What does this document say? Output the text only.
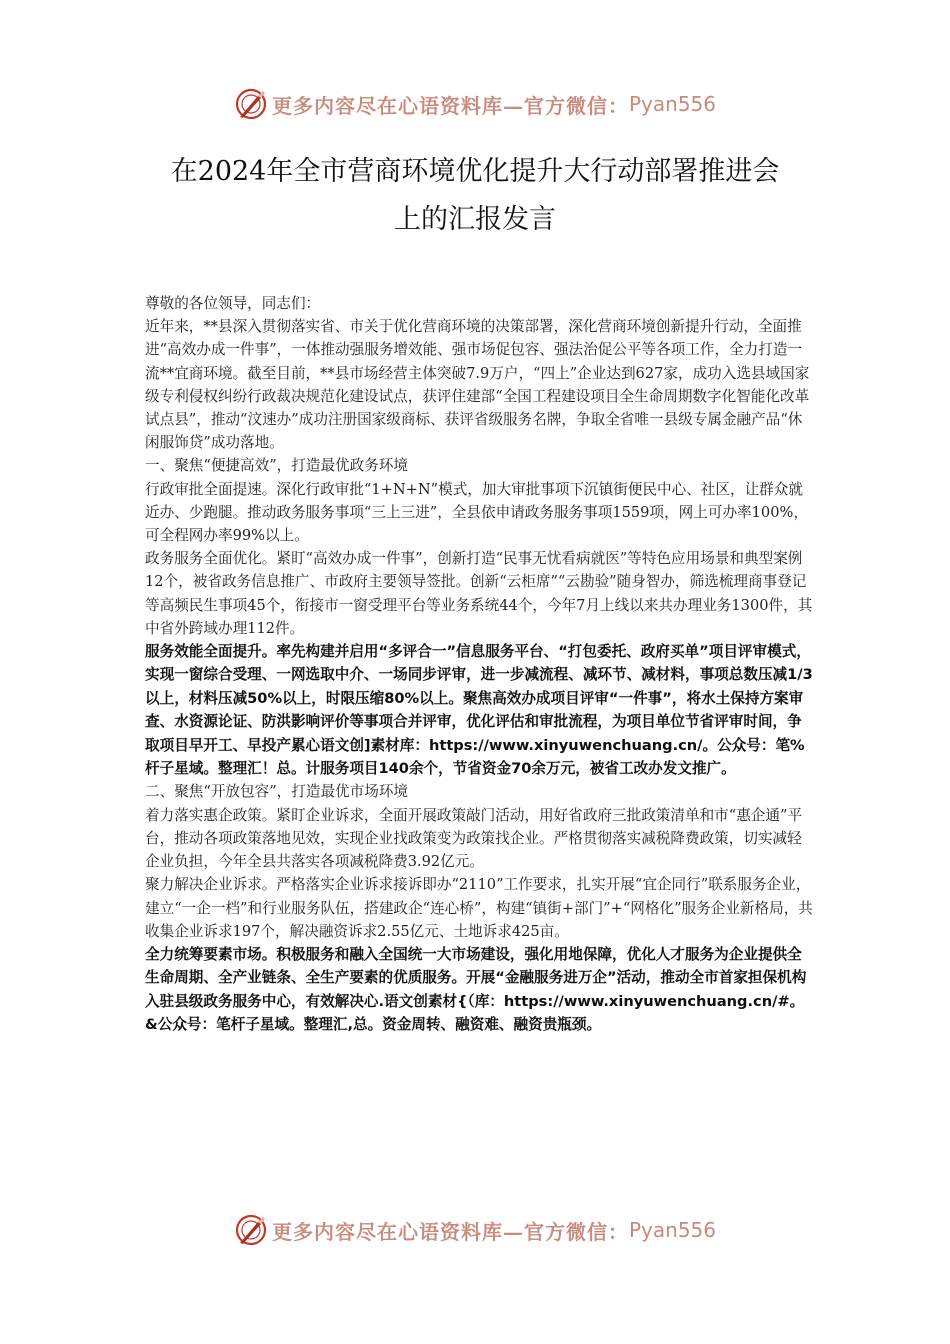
更多内容尽在心语资料库—官方微信： Pyan556
在2024年全市营商环境优化提升大行动部署推进会
上的汇报发言

尊敬的各位领导，同志们：

近年来，**县深入贯彻落实省、市关于优化营商环境的决策部署，深化营商环境创新提升行动，全面推进“高效办成一件事”，一体推动强服务增效能、强市场促包容、强法治促公平等各项工作，全力打造一流**宜商环境。截至目前，**县市场经营主体突破7.9万户，“四上”企业达到627家，成功入选县域国家级专利侵权纠纷行政裁决规范化建设试点，获评住建部“全国工程建设项目全生命周期数字化智能化改革试点县”，推动“汶速办”成功注册国家级商标、获评省级服务名牌，争取全省唯一县级专属金融产品“休闲服饰贷”成功落地。

一、聚焦“便捷高效”，打造最优政务环境

行政审批全面提速。深化行政审批“1+N+N”模式，加大审批事项下沉镇街便民中心、社区，让群众就近办、少跑腿。推动政务服务事项“三上三进”，全县依申请政务服务事项1559项，网上可办率100%，可全程网办率99%以上。

政务服务全面优化。紧盯“高效办成一件事”，创新打造“民事无忧看病就医”等特色应用场景和典型案例12个，被省政务信息推广、市政府主要领导签批。创新“云柜席”“云勘验”随身智办，筛选梳理商事登记等高频民生事项45个，衔接市一窗受理平台等业务系统44个，今年7月上线以来共办理业务1300件，其中省外跨域办理112件。

服务效能全面提升。率先构建并启用“多评合一”信息服务平台、“打包委托、政府买单”项目评审模式，实现一窗综合受理、一网选取中介、一场同步评审，进一步减流程、减环节、减材料，事项总数压减1/3以上，材料压减50%以上，时限压缩80%以上。聚焦高效办成项目评审“一件事”，将水土保持方案审查、水资源论证、防洪影响评价等事项合并评审，优化评估和审批流程，为项目单位节省评审时间，争取项目早开工、早投产累心语文创]素材库：https://www.xinyuwenchuang.cn/。公众号：笔%杆子星域。整理汇！总。计服务项目140余个，节省资金70余万元，被省工改办发文推广。

二、聚焦“开放包容”，打造最优市场环境

着力落实惠企政策。紧盯企业诉求，全面开展政策敲门活动，用好省政府三批政策清单和市“惠企通”平台，推动各项政策落地见效，实现企业找政策变为政策找企业。严格贯彻落实减税降费政策，切实减轻企业负担，今年全县共落实各项减税降费3.92亿元。

聚力解决企业诉求。严格落实企业诉求接诉即办“2110”工作要求，扎实开展“宜企同行”联系服务企业，建立“一企一档”和行业服务队伍，搭建政企“连心桥”，构建“镇街+部门”+“网格化”服务企业新格局，共收集企业诉求197个，解决融资诉求2.55亿元、土地诉求425亩。

全力统筹要素市场。积极服务和融入全国统一大市场建设，强化用地保障，优化人才服务为企业提供全生命周期、全产业链条、全生产要素的优质服务。开展“金融服务进万企”活动，推动全市首家担保机构入驻县级政务服务中心，有效解决心.语文创素材{（库：https://www.xinyuwenchuang.cn/#。&公众号：笔杆子星域。整理汇,总。资金周转、融资难、融资贵瓶颈。

更多内容尽在心语资料库—官方微信： Pyan556
